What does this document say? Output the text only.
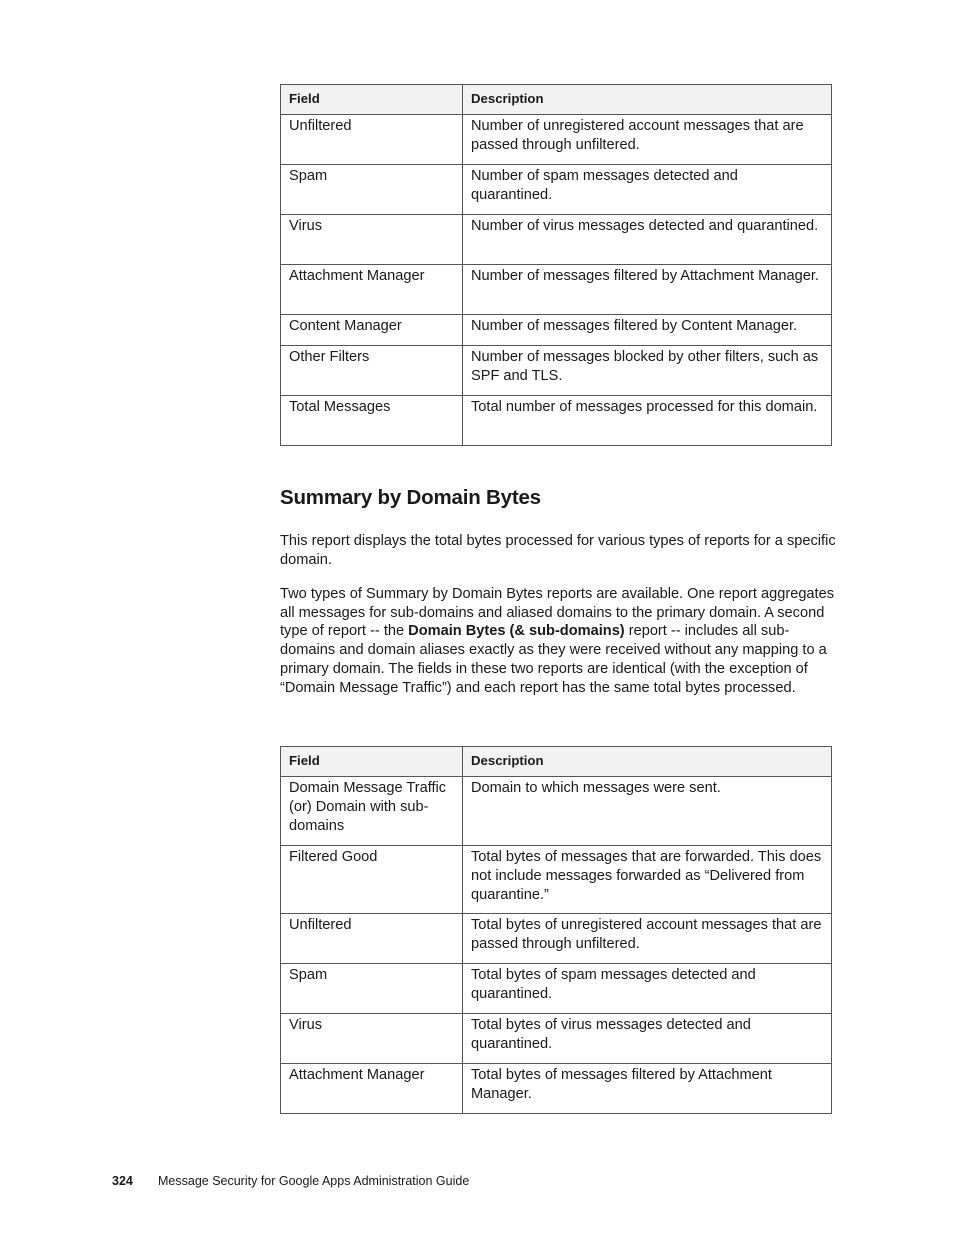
Field	Description
Unfiltered	Number of unregistered account messages that are passed through unfiltered.
Spam	Number of spam messages detected and quarantined.
Virus	Number of virus messages detected and quarantined.
Attachment Manager	Number of messages filtered by Attachment Manager.
Content Manager	Number of messages filtered by Content Manager.
Other Filters	Number of messages blocked by other filters, such as SPF and TLS.
Total Messages	Total number of messages processed for this domain.
Summary by Domain Bytes

This report displays the total bytes processed for various types of reports for a specific domain.

Two types of Summary by Domain Bytes reports are available. One report aggregates all messages for sub-domains and aliased domains to the primary domain. A second type of report -- the Domain Bytes (& sub-domains) report -- includes all sub-domains and domain aliases exactly as they were received without any mapping to a primary domain. The fields in these two reports are identical (with the exception of “Domain Message Traffic”) and each report has the same total bytes processed.

Field	Description
Domain Message Traffic (or) Domain with sub-domains	Domain to which messages were sent.
Filtered Good	Total bytes of messages that are forwarded. This does not include messages forwarded as “Delivered from quarantine.”
Unfiltered	Total bytes of unregistered account messages that are passed through unfiltered.
Spam	Total bytes of spam messages detected and quarantined.
Virus	Total bytes of virus messages detected and quarantined.
Attachment Manager	Total bytes of messages filtered by Attachment Manager.
324 Message Security for Google Apps Administration Guide
